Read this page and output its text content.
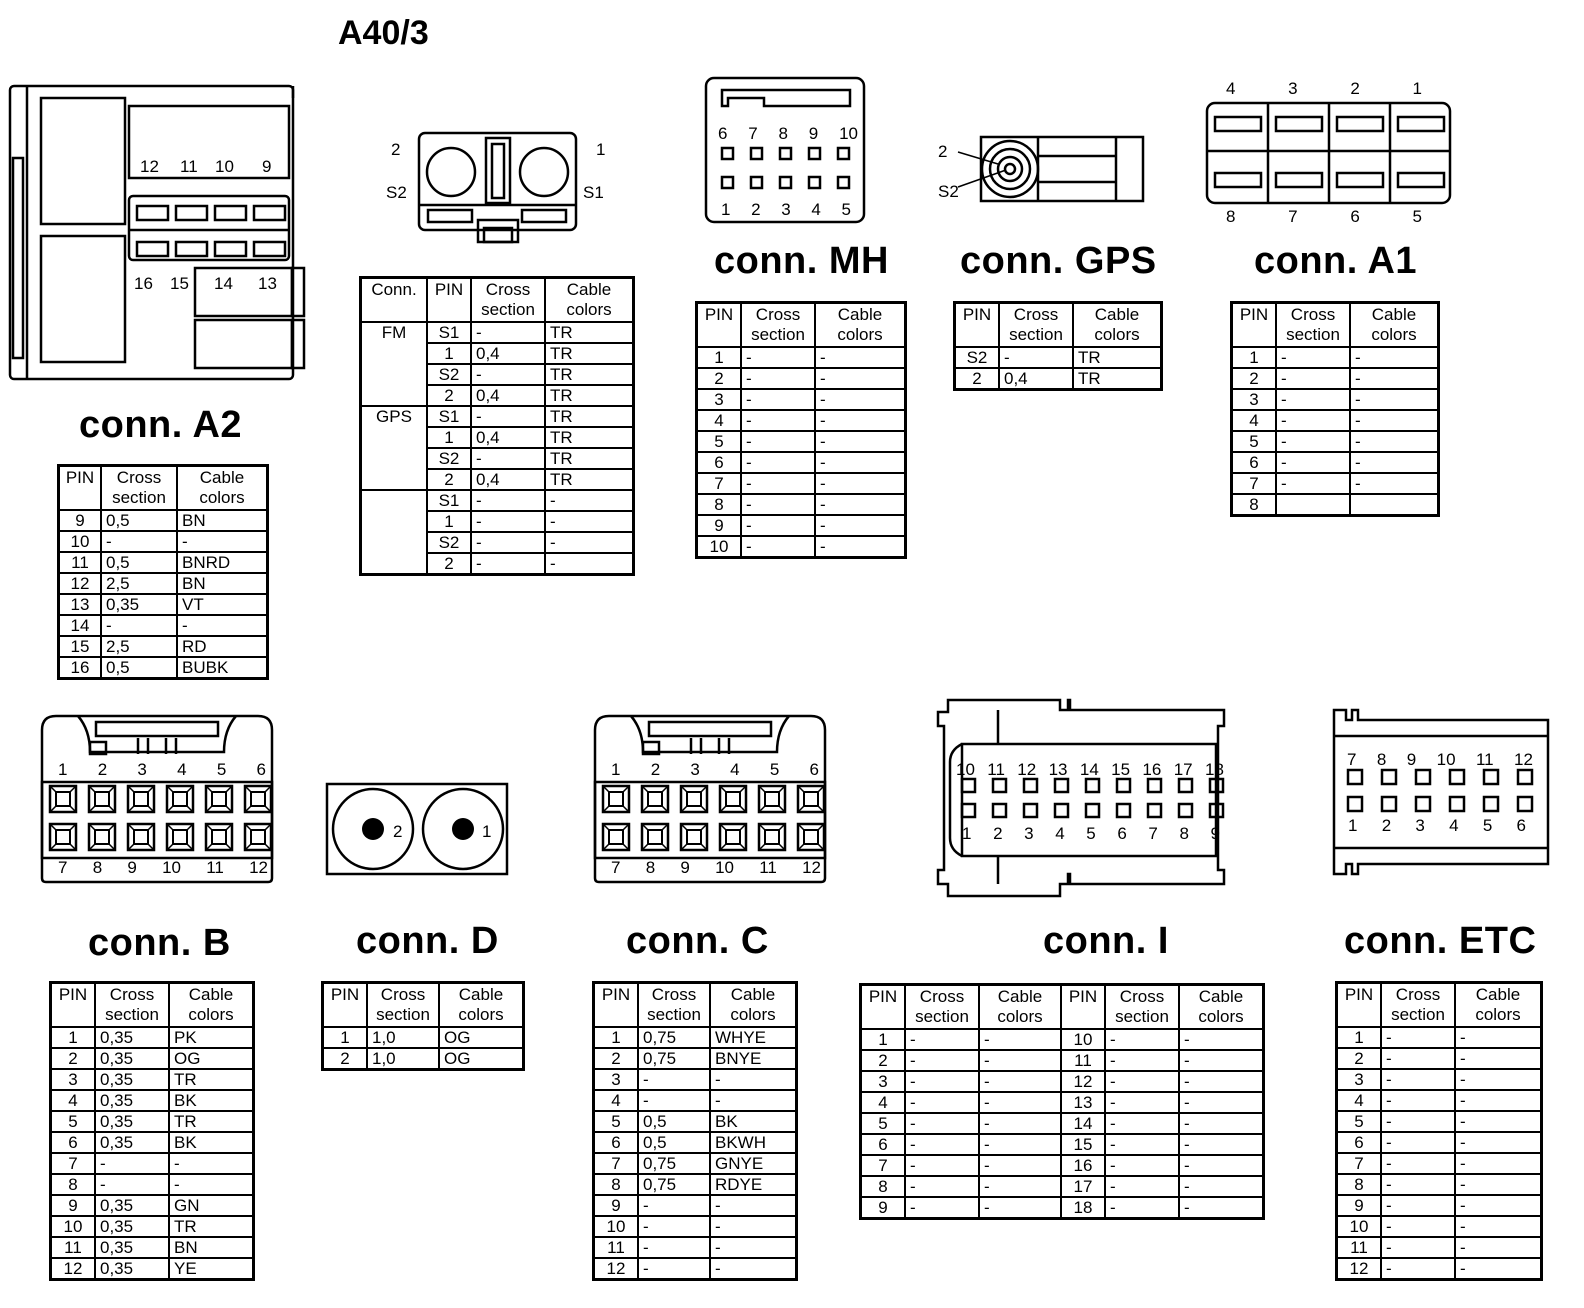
A40/3
12 11 10 9
16 15 14 13
conn. A2
PIN	Cross section	Cable colors
9	0,5	BN
10	-	-
11	0,5	BNRD
12	2,5	BN
13	0,35	VT
14	-	-
15	2,5	RD
16	0,5	BUBK
2	1
S2	S1
Conn.	PIN	Cross section	Cable colors
FM	S1	-	TR
	1	0,4	TR
	S2	-	TR
	2	0,4	TR
GPS	S1	-	TR
	1	0,4	TR
	S2	-	TR
	2	0,4	TR
	S1	-	-
	1	-	-
	S2	-	-
	2	-	-
6 7 8 9 10
1 2 3 4 5
conn. MH
PIN	Cross section	Cable colors
1	-	-
2	-	-
3	-	-
4	-	-
5	-	-
6	-	-
7	-	-
8	-	-
9	-	-
10	-	-
2
S2
conn. GPS
PIN	Cross section	Cable colors
S2	-	TR
2	0,4	TR
4	3	2	1
8	7	6	5
conn. A1
PIN	Cross section	Cable colors
1	-	-
2	-	-
3	-	-
4	-	-
5	-	-
6	-	-
7	-	-
8		
1 2 3 4 5 6
7 8 9 10 11 12
conn. B
PIN	Cross section	Cable colors
1	0,35	PK
2	0,35	OG
3	0,35	TR
4	0,35	BK
5	0,35	TR
6	0,35	BK
7	-	-
8	-	-
9	0,35	GN
10	0,35	TR
11	0,35	BN
12	0,35	YE
2	1
conn. D
PIN	Cross section	Cable colors
1	1,0	OG
2	1,0	OG
1 2 3 4 5 6
7 8 9 10 11 12
conn. C
PIN	Cross section	Cable colors
1	0,75	WHYE
2	0,75	BNYE
3	-	-
4	-	-
5	0,5	BK
6	0,5	BKWH
7	0,75	GNYE
8	0,75	RDYE
9	-	-
10	-	-
11	-	-
12	-	-
10 11 12 13 14 15 16 17 18
1 2 3 4 5 6 7 8 9
conn. I
PIN	Cross section	Cable colors	PIN	Cross section	Cable colors
1	-	-	10	-	-
2	-	-	11	-	-
3	-	-	12	-	-
4	-	-	13	-	-
5	-	-	14	-	-
6	-	-	15	-	-
7	-	-	16	-	-
8	-	-	17	-	-
9	-	-	18	-	-
7 8 9 10 11 12
1 2 3 4 5 6
conn. ETC
PIN	Cross section	Cable colors
1	-	-
2	-	-
3	-	-
4	-	-
5	-	-
6	-	-
7	-	-
8	-	-
9	-	-
10	-	-
11	-	-
12	-	-
